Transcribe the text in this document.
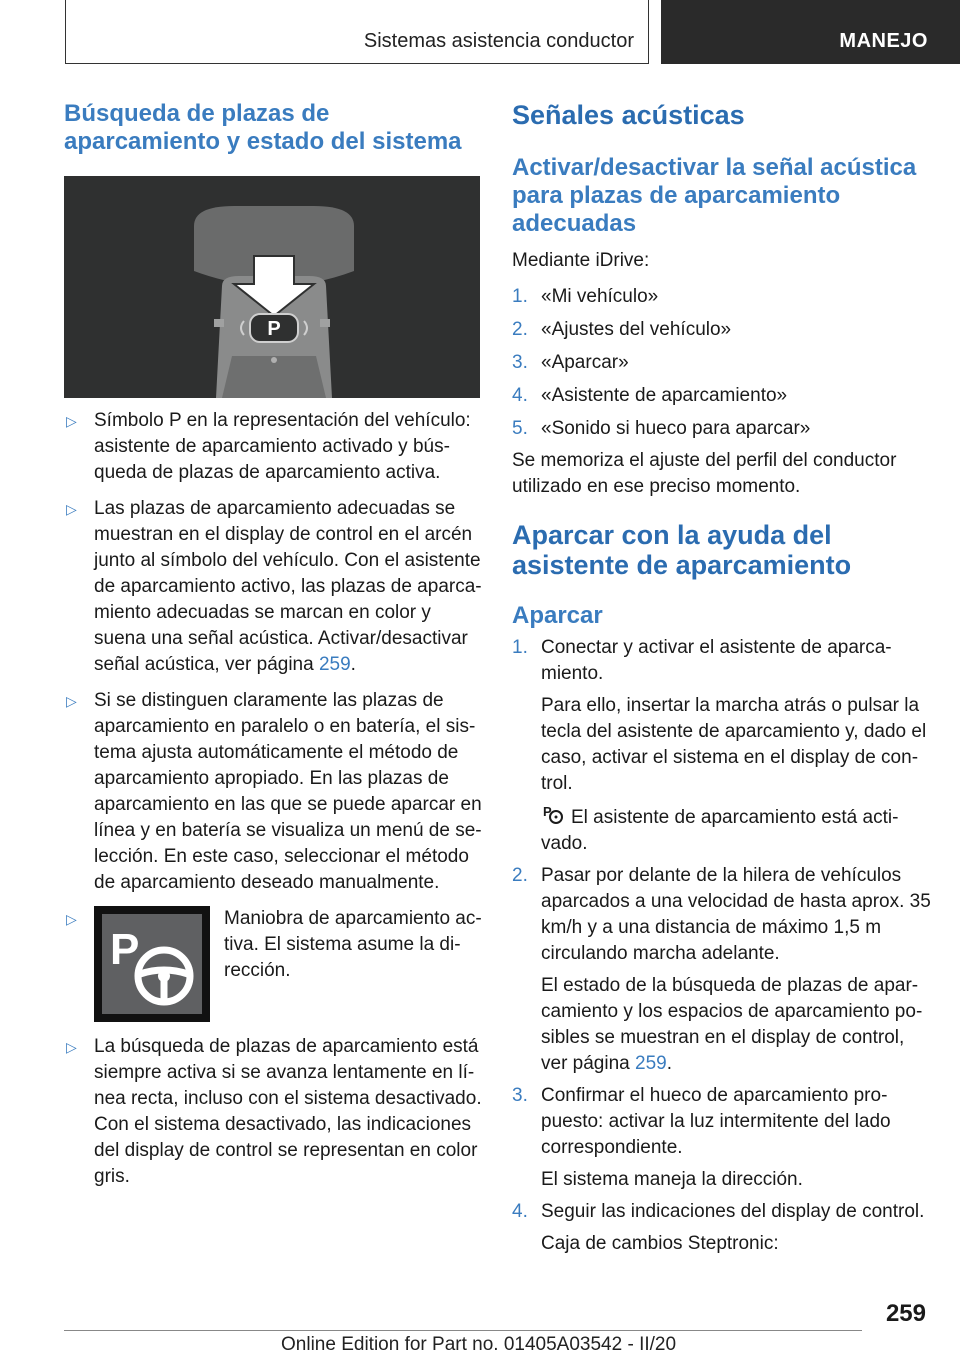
Sistemas asistencia conductor	MANEJO
Búsqueda de plazas de
aparcamiento y estado del sistema
P
▷ Símbolo P en la representación del vehículo: asistente de aparcamiento activado y búsqueda de plazas de aparcamiento activa.
▷ Las plazas de aparcamiento adecuadas se muestran en el display de control en el arcén junto al símbolo del vehículo. Con el asistente de aparcamiento activo, las plazas de aparcamiento adecuadas se marcan en color y suena una señal acústica. Activar/desactivar señal acústica, ver página 259.
▷ Si se distinguen claramente las plazas de aparcamiento en paralelo o en batería, el sistema ajusta automáticamente el método de aparcamiento apropiado. En las plazas de aparcamiento en las que se puede aparcar en línea y en batería se visualiza un menú de selección. En este caso, seleccionar el método de aparcamiento deseado manualmente.
▷
P
Maniobra de aparcamiento activa. El sistema asume la dirección.
▷ La búsqueda de plazas de aparcamiento está siempre activa si se avanza lentamente en línea recta, incluso con el sistema desactivado. Con el sistema desactivado, las indicaciones del display de control se representan en color gris.
Señales acústicas
Activar/desactivar la señal acústica
para plazas de aparcamiento
adecuadas

Mediante iDrive:

1. «Mi vehículo»
2. «Ajustes del vehículo»
3. «Aparcar»
4. «Asistente de aparcamiento»
5. «Sonido si hueco para aparcar»

Se memoriza el ajuste del perfil del conductor utilizado en ese preciso momento.

Aparcar con la ayuda del
asistente de aparcamiento
Aparcar
1. Conectar y activar el asistente de aparcamiento.
Para ello, insertar la marcha atrás o pulsar la tecla del asistente de aparcamiento y, dado el caso, activar el sistema en el display de control.
P El asistente de aparcamiento está activado.
2. Pasar por delante de la hilera de vehículos aparcados a una velocidad de hasta aprox. 35 km/h y a una distancia de máximo 1,5 m circulando marcha adelante.
El estado de la búsqueda de plazas de aparcamiento y los espacios de aparcamiento posibles se muestran en el display de control, ver página 259.
3. Confirmar el hueco de aparcamiento propuesto: activar la luz intermitente del lado correspondiente.
El sistema maneja la dirección.
4. Seguir las indicaciones del display de control.
Caja de cambios Steptronic:
259
Online Edition for Part no. 01405A03542 - II/20
